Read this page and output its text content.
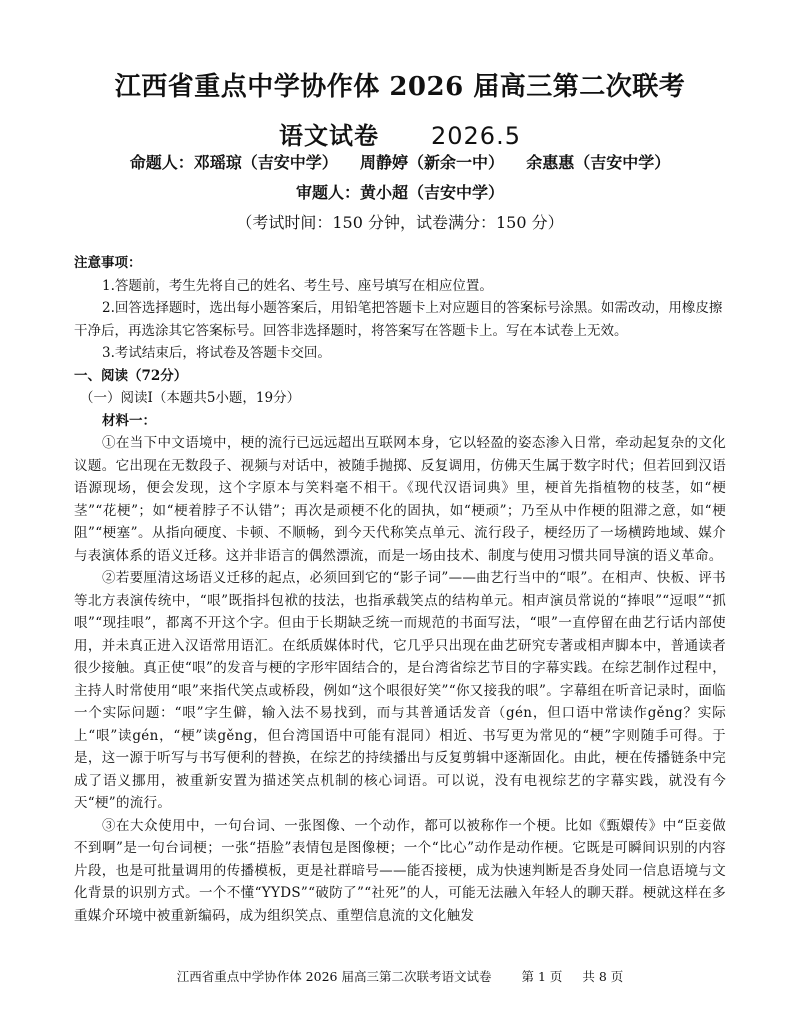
江西省重点中学协作体 2026 届高三第二次联考
语文试卷 2026.5
命题人：邓瑶琼（吉安中学）    周静婷（新余一中）    余惠惠（吉安中学）
审题人：黄小超（吉安中学）
（考试时间：150 分钟，试卷满分：150 分）
注意事项：
1.答题前，考生先将自己的姓名、考生号、座号填写在相应位置。
2.回答选择题时，选出每小题答案后，用铅笔把答题卡上对应题目的答案标号涂黑。如需改动，用橡皮擦干净后，再选涂其它答案标号。回答非选择题时，将答案写在答题卡上。写在本试卷上无效。
3.考试结束后，将试卷及答题卡交回。
一、阅读（72分）
（一）阅读Ⅰ（本题共5小题，19分）
材料一：
①在当下中文语境中，梗的流行已远远超出互联网本身，它以轻盈的姿态渗入日常，牵动起复杂的文化议题。它出现在无数段子、视频与对话中，被随手抛掷、反复调用，仿佛天生属于数字时代；但若回到汉语语源现场，便会发现，这个字原本与笑料毫不相干。《现代汉语词典》里，梗首先指植物的枝茎，如“梗茎”“花梗”；如“梗着脖子不认错”；再次是顽梗不化的固执，如“梗顽”；乃至从中作梗的阻滞之意，如“梗阻”“梗塞”。从指向硬度、卡顿、不顺畅，到今天代称笑点单元、流行段子，梗经历了一场横跨地域、媒介与表演体系的语义迁移。这并非语言的偶然漂流，而是一场由技术、制度与使用习惯共同导演的语义革命。
②若要厘清这场语义迁移的起点，必须回到它的“影子词”——曲艺行当中的“哏”。在相声、快板、评书等北方表演传统中，“哏”既指抖包袱的技法，也指承载笑点的结构单元。相声演员常说的“捧哏”“逗哏”“抓哏”“现挂哏”，都离不开这个字。但由于长期缺乏统一而规范的书面写法，“哏”一直停留在曲艺行话内部使用，并未真正进入汉语常用语汇。在纸质媒体时代，它几乎只出现在曲艺研究专著或相声脚本中，普通读者很少接触。真正使“哏”的发音与梗的字形牢固结合的，是台湾省综艺节目的字幕实践。在综艺制作过程中，主持人时常使用“哏”来指代笑点或桥段，例如“这个哏很好笑”“你又接我的哏”。字幕组在听音记录时，面临一个实际问题：“哏”字生僻，输入法不易找到，而与其普通话发音（gén，但口语中常读作gěng？实际上“哏”读gén，“梗”读gěng，但台湾国语中可能有混同）相近、书写更为常见的“梗”字则随手可得。于是，这一源于听写与书写便利的替换，在综艺的持续播出与反复剪辑中逐渐固化。由此，梗在传播链条中完成了语义挪用，被重新安置为描述笑点机制的核心词语。可以说，没有电视综艺的字幕实践，就没有今天“梗”的流行。
③在大众使用中，一句台词、一张图像、一个动作，都可以被称作一个梗。比如《甄嬛传》中“臣妾做不到啊”是一句台词梗；一张“捂脸”表情包是图像梗；一个“比心”动作是动作梗。它既是可瞬间识别的内容片段，也是可批量调用的传播模板，更是社群暗号——能否接梗，成为快速判断是否身处同一信息语境与文化背景的识别方式。一个不懂“YYDS”“破防了”“社死”的人，可能无法融入年轻人的聊天群。梗就这样在多重媒介环境中被重新编码，成为组织笑点、重塑信息流的文化触发
江西省重点中学协作体 2026 届高三第二次联考语文试卷 第 1 页 共 8 页
